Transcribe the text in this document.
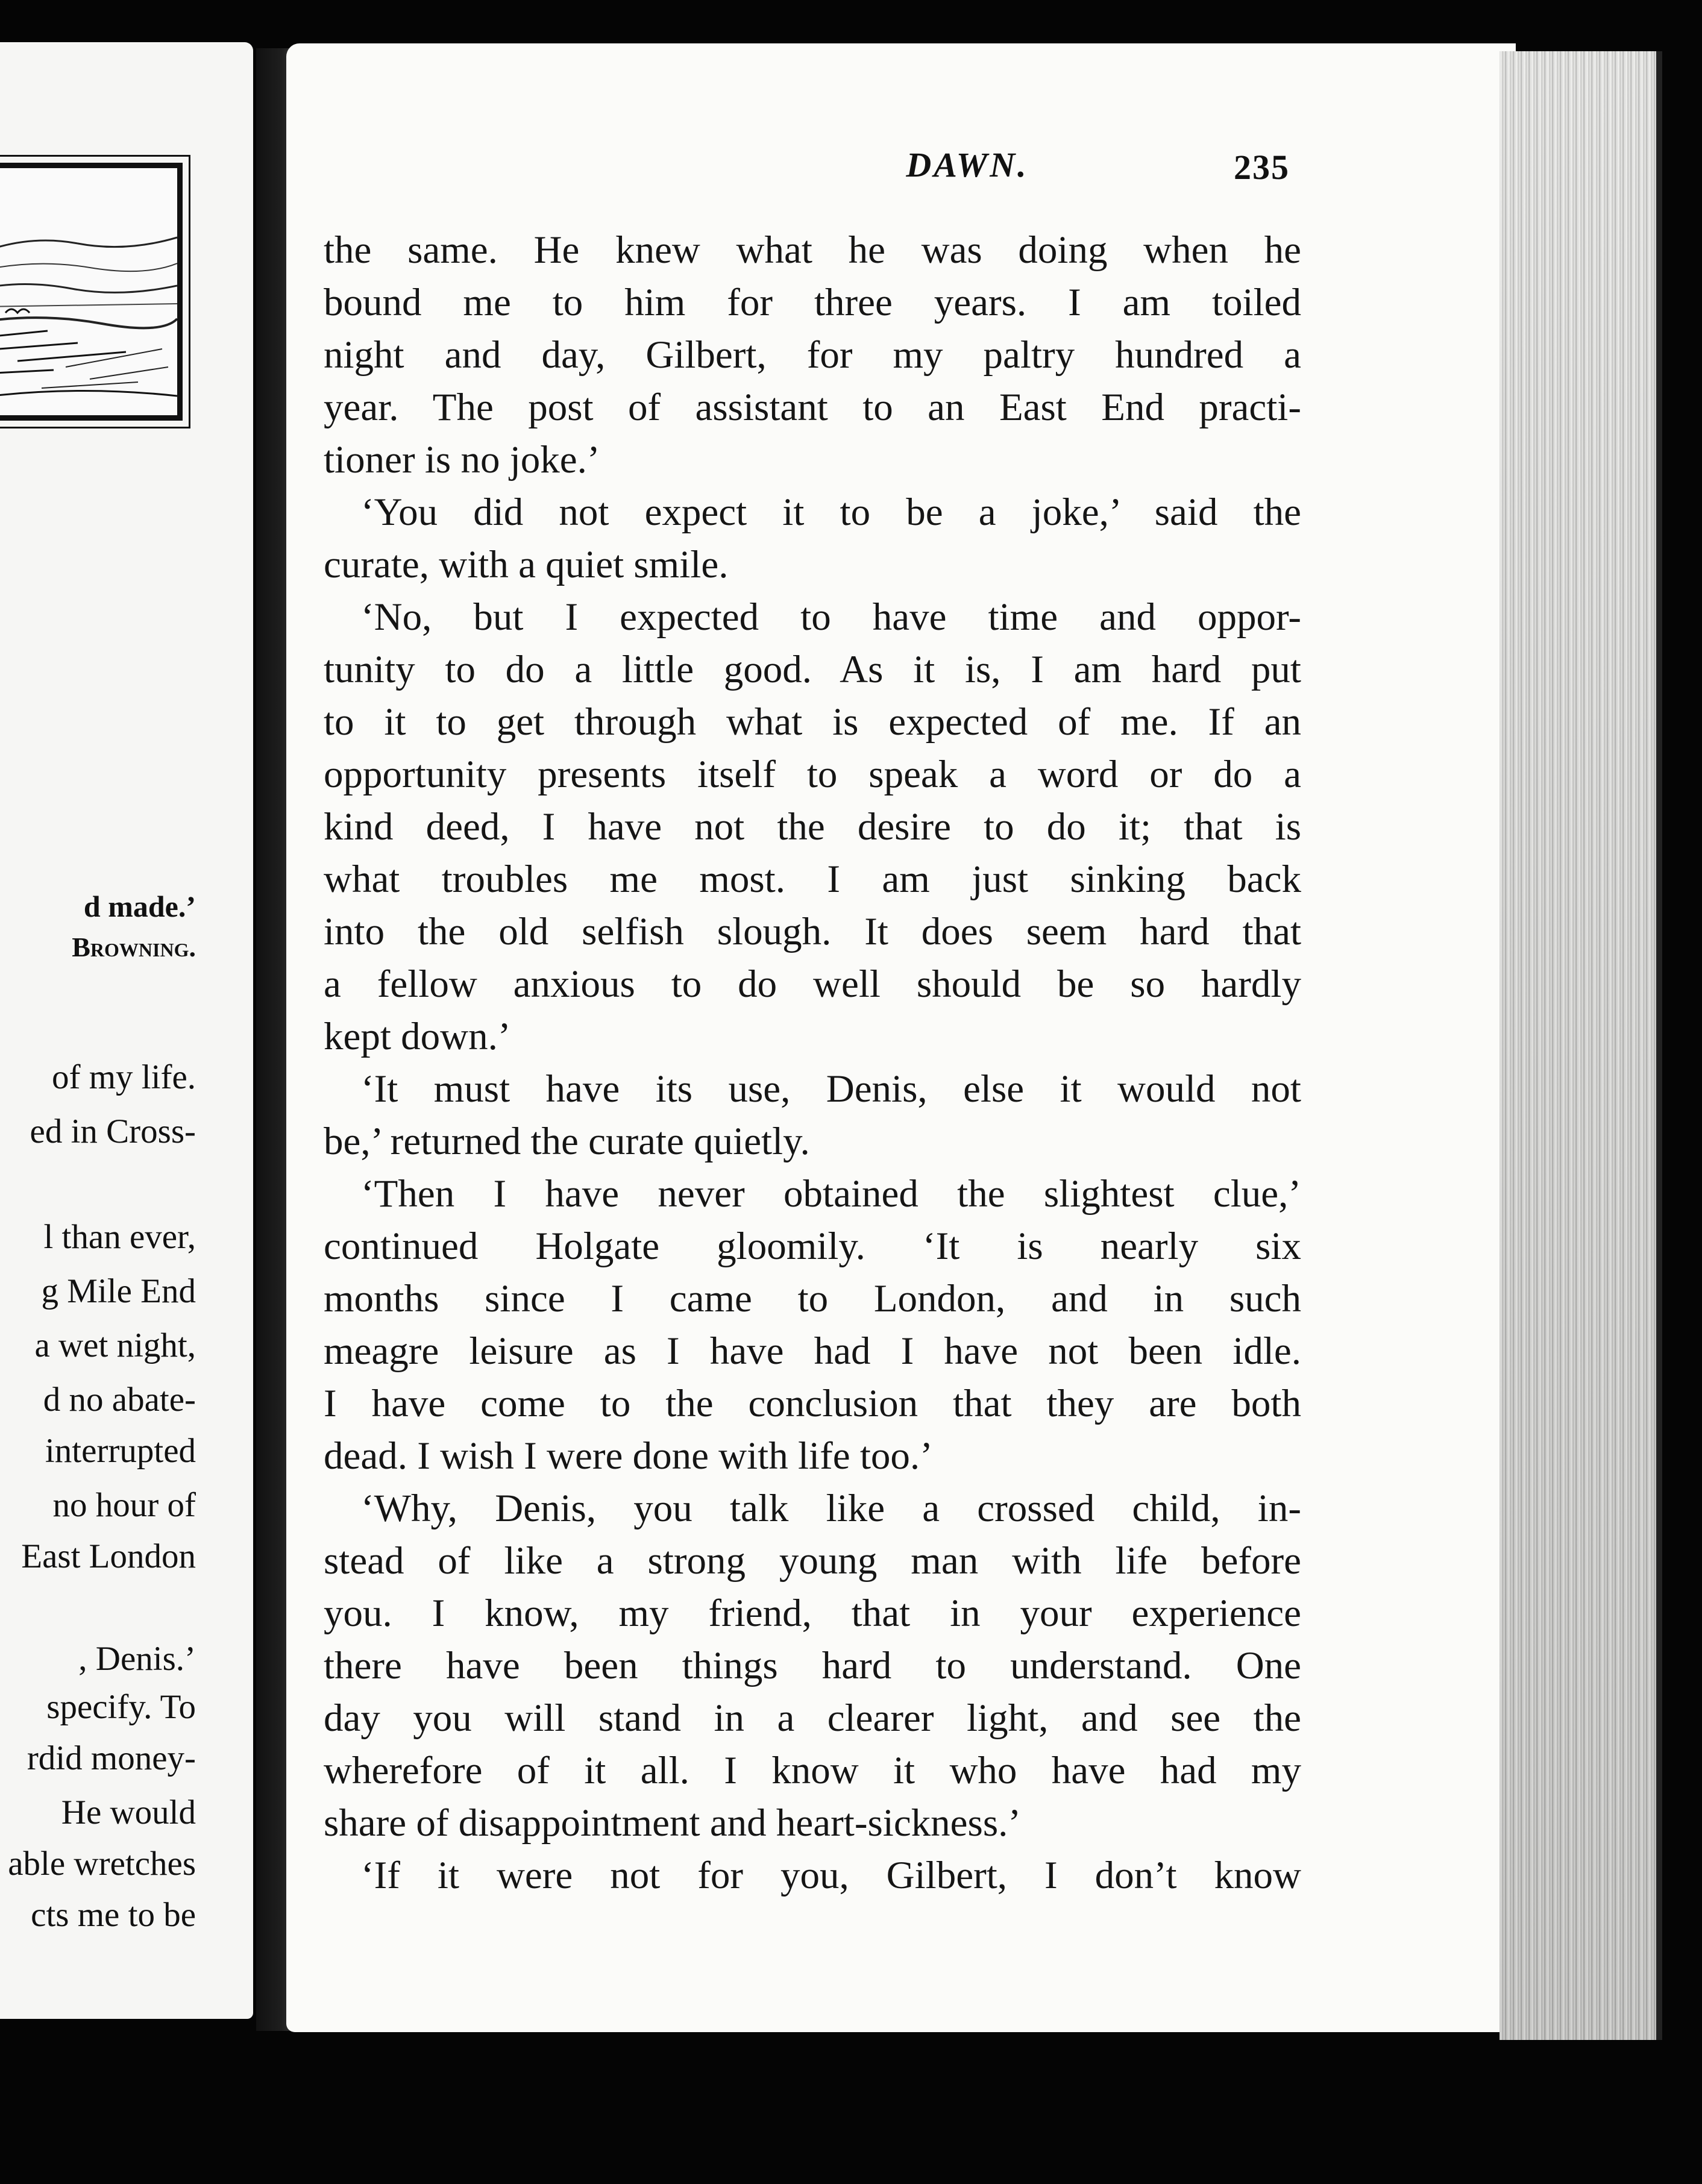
d made.’
Browning.
of my life.
ed in Cross-
l than ever,
g Mile End
a wet night,
d no abate-
interrupted
no hour of
East London
, Denis.’
specify. To
rdid money-
He would
able wretches
cts me to be
DAWN.	235
the same. He knew what he was doing when he
bound me to him for three years. I am toiled
night and day, Gilbert, for my paltry hundred a
year. The post of assistant to an East End practi-
tioner is no joke.’
‘You did not expect it to be a joke,’ said the
curate, with a quiet smile.
‘No, but I expected to have time and oppor-
tunity to do a little good. As it is, I am hard put
to it to get through what is expected of me. If an
opportunity presents itself to speak a word or do a
kind deed, I have not the desire to do it; that is
what troubles me most. I am just sinking back
into the old selfish slough. It does seem hard that
a fellow anxious to do well should be so hardly
kept down.’
‘It must have its use, Denis, else it would not
be,’ returned the curate quietly.
‘Then I have never obtained the slightest clue,’
continued Holgate gloomily. ‘It is nearly six
months since I came to London, and in such
meagre leisure as I have had I have not been idle.
I have come to the conclusion that they are both
dead. I wish I were done with life too.’
‘Why, Denis, you talk like a crossed child, in-
stead of like a strong young man with life before
you. I know, my friend, that in your experience
there have been things hard to understand. One
day you will stand in a clearer light, and see the
wherefore of it all. I know it who have had my
share of disappointment and heart-sickness.’
‘If it were not for you, Gilbert, I don’t know
